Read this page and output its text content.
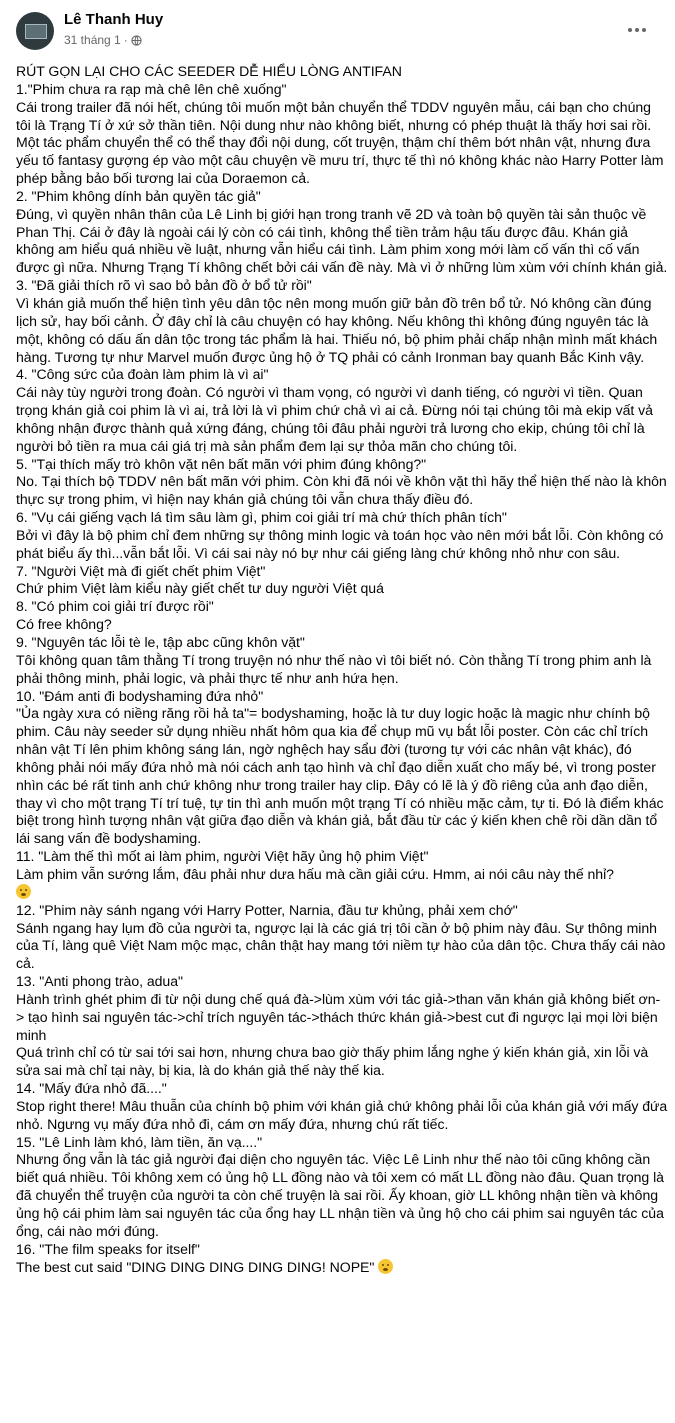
Lê Thanh Huy
31 tháng 1 ·

RÚT GỌN LẠI CHO CÁC SEEDER DỄ HIỂU LÒNG ANTIFAN

1."Phim chưa ra rạp mà chê lên chê xuống"

Cái trong trailer đã nói hết, chúng tôi muốn một bản chuyển thể TDDV nguyên mẫu, cái bạn cho chúng tôi là Trạng Tí ở xứ sở thần tiên. Nội dung như nào không biết, nhưng có phép thuật là thấy hơi sai rồi. Một tác phẩm chuyển thể có thể thay đổi nội dung, cốt truyện, thậm chí thêm bớt nhân vật, nhưng đưa yếu tố fantasy gượng ép vào một câu chuyện về mưu trí, thực tế thì nó không khác nào Harry Potter làm phép bằng bảo bối tương lai của Doraemon cả.

2. "Phim không dính bản quyền tác giả"

Đúng, vì quyền nhân thân của Lê Linh bị giới hạn trong tranh vẽ 2D và toàn bộ quyền tài sản thuộc về Phan Thị. Cái ở đây là ngoài cái lý còn có cái tình, không thể tiền trảm hậu tấu được đâu. Khán giả không am hiểu quá nhiều về luật, nhưng vẫn hiểu cái tình. Làm phim xong mới làm cố vấn thì cố vấn được gì nữa. Nhưng Trạng Tí không chết bởi cái vấn đề này. Mà vì ở những lùm xùm với chính khán giả.

3. "Đã giải thích rõ vì sao bỏ bản đồ ở bổ tử rồi"

Vì khán giả muốn thể hiện tình yêu dân tộc nên mong muốn giữ bản đồ trên bổ tử. Nó không cần đúng lịch sử, hay bối cảnh. Ở đây chỉ là câu chuyện có hay không. Nếu không thì không đúng nguyên tác là một, không có dấu ấn dân tộc trong tác phẩm là hai. Thiếu nó, bộ phim phải chấp nhận mình mất khách hàng. Tương tự như Marvel muốn được ủng hộ ở TQ phải có cảnh Ironman bay quanh Bắc Kinh vậy.

4. "Công sức của đoàn làm phim là vì ai"

Cái này tùy người trong đoàn. Có người vì tham vọng, có người vì danh tiếng, có người vì tiền. Quan trọng khán giả coi phim là vì ai, trả lời là vì phim chứ chả vì ai cả. Đừng nói tại chúng tôi mà ekip vất vả không nhận được thành quả xứng đáng, chúng tôi đâu phải người trả lương cho ekip, chúng tôi chỉ là người bỏ tiền ra mua cái giá trị mà sản phẩm đem lại sự thỏa mãn cho chúng tôi.

5. "Tại thích mấy trò khôn vặt nên bất mãn với phim đúng không?"

No. Tại thích bộ TDDV nên bất mãn với phim. Còn khi đã nói về khôn vặt thì hãy thể hiện thế nào là khôn thực sự trong phim, vì hiện nay khán giả chúng tôi vẫn chưa thấy điều đó.

6. "Vụ cái giếng vạch lá tìm sâu làm gì, phim coi giải trí mà chứ thích phân tích"

Bởi vì đây là bộ phim chỉ đem những sự thông minh logic và toán học vào nên mới bắt lỗi. Còn không có phát biểu ấy thì...vẫn bắt lỗi. Vì cái sai này nó bự như cái giếng làng chứ không nhỏ như con sâu.

7. "Người Việt mà đi giết chết phim Việt"

Chứ phim Việt làm kiểu này giết chết tư duy người Việt quá

8. "Có phim coi giải trí được rồi"

Có free không?

9. "Nguyên tác lỗi tè le, tập abc cũng khôn vặt"

Tôi không quan tâm thằng Tí trong truyện nó như thế nào vì tôi biết nó. Còn thằng Tí trong phim anh là phải thông minh, phải logic, và phải thực tế như anh hứa hẹn.

10. "Đám anti đi bodyshaming đứa nhỏ"

"Ủa ngày xưa có niềng răng rồi hả ta"= bodyshaming, hoặc là tư duy logic hoặc là magic như chính bộ phim. Câu này seeder sử dụng nhiều nhất hôm qua kia để chụp mũ vụ bắt lỗi poster. Còn các chỉ trích nhân vật Tí lên phim không sáng lán, ngờ nghệch hay sẩu đời (tương tự với các nhân vật khác), đó không phải nói mấy đứa nhỏ mà nói cách anh tạo hình và chỉ đạo diễn xuất cho mấy bé, vì trong poster nhìn các bé rất tinh anh chứ không như trong trailer hay clip. Đây có lẽ là ý đồ riêng của anh đạo diễn, thay vì cho một trạng Tí trí tuệ, tự tin thì anh muốn một trạng Tí có nhiều mặc cảm, tự ti. Đó là điểm khác biệt trong hình tượng nhân vật giữa đạo diễn và khán giả, bắt đầu từ các ý kiến khen chê rồi dần dần tổ lái sang vấn đề bodyshaming.

11. "Làm thế thì mốt ai làm phim, người Việt hãy ủng hộ phim Việt"

Làm phim vẫn sướng lắm, đâu phải như dưa hấu mà cần giải cứu. Hmm, ai nói câu này thế nhỉ?

12. "Phim này sánh ngang với Harry Potter, Narnia, đầu tư khủng, phải xem chớ"

Sánh ngang hay lụm đồ của người ta, ngược lại là các giá trị tôi cần ở bộ phim này đâu. Sự thông minh của Tí, làng quê Việt Nam mộc mạc, chân thật hay mang tới niềm tự hào của dân tộc. Chưa thấy cái nào cả.

13. "Anti phong trào, adua"

Hành trình ghét phim đi từ nội dung chế quá đà->lùm xùm với tác giả->than văn khán giả không biết ơn-> tạo hình sai nguyên tác->chỉ trích nguyên tác->thách thức khán giả->best cut đi ngược lại mọi lời biện minh

Quá trình chỉ có từ sai tới sai hơn, nhưng chưa bao giờ thấy phim lắng nghe ý kiến khán giả, xin lỗi và sửa sai mà chỉ tại này, bị kia, là do khán giả thế này thế kia.

14. "Mấy đứa nhỏ đã...."

Stop right there! Mâu thuẫn của chính bộ phim với khán giả chứ không phải lỗi của khán giả với mấy đứa nhỏ. Ngưng vụ mấy đứa nhỏ đi, cám ơn mấy đứa, nhưng chú rất tiếc.

15. "Lê Linh làm khó, làm tiền, ăn vạ...."

Nhưng ổng vẫn là tác giả người đại diện cho nguyên tác. Việc Lê Linh như thế nào tôi cũng không cần biết quá nhiều. Tôi không xem có ủng hộ LL đồng nào và tôi xem có mất LL đồng nào đâu. Quan trọng là đã chuyển thể truyện của người ta còn chế truyện là sai rồi. Ấy khoan, giờ LL không nhận tiền và không ủng hộ cái phim làm sai nguyên tác của ổng hay LL nhận tiền và ủng hộ cho cái phim sai nguyên tác của ổng, cái nào mới đúng.

16. "The film speaks for itself"

The best cut said "DING DING DING DING DING! NOPE"
